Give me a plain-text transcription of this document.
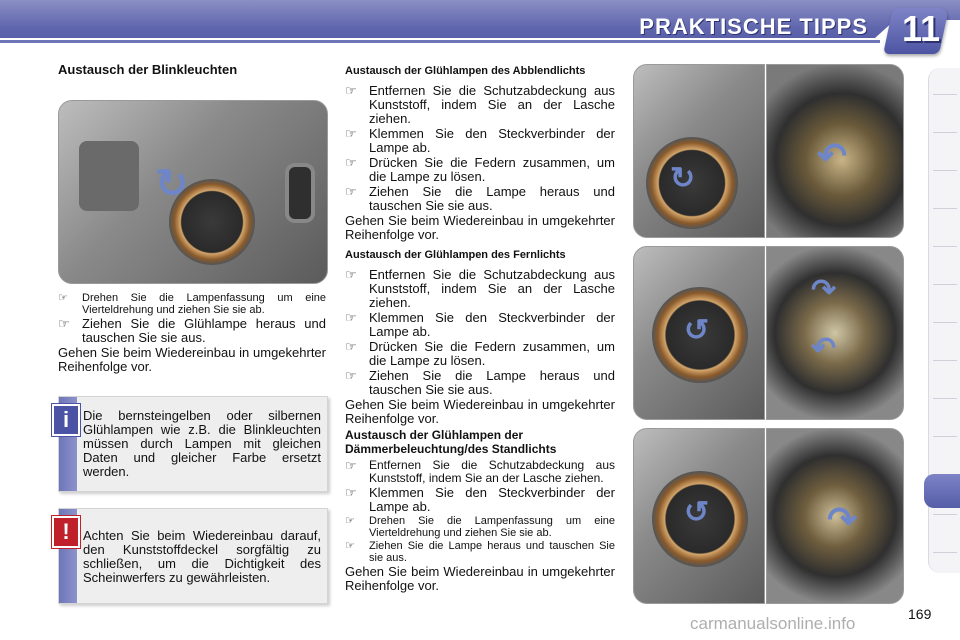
PRAKTISCHE TIPPS 11
Austausch der Blinkleuchten
↻
☞	Drehen Sie die Lampenfassung um eine Vierteldrehung und ziehen Sie sie ab.
☞ Ziehen Sie die Glühlampe heraus und tauschen Sie sie aus.
Gehen Sie beim Wiedereinbau in umgekehrter Reihenfolge vor.
Die bernsteingelben oder silbernen Glühlampen wie z.B. die Blinkleuchten müssen durch Lampen mit gleichen Daten und gleicher Farbe ersetzt werden.
i
Achten Sie beim Wiedereinbau darauf, den Kunststoffdeckel sorgfältig zu schließen, um die Dichtigkeit des Scheinwerfers zu gewährleisten.
!
Austausch der Glühlampen des Abblendlichts
☞ Entfernen Sie die Schutzabdeckung aus Kunststoff, indem Sie an der Lasche ziehen.
☞ Klemmen Sie den Steckverbinder der Lampe ab.
☞ Drücken Sie die Federn zusammen, um die Lampe zu lösen.
☞ Ziehen Sie die Lampe heraus und tauschen Sie sie aus.
Gehen Sie beim Wiedereinbau in umgekehrter Reihenfolge vor.
Austausch der Glühlampen des Fernlichts
☞ Entfernen Sie die Schutzabdeckung aus Kunststoff, indem Sie an der Lasche ziehen.
☞ Klemmen Sie den Steckverbinder der Lampe ab.
☞ Drücken Sie die Federn zusammen, um die Lampe zu lösen.
☞ Ziehen Sie die Lampe heraus und tauschen Sie sie aus.
Gehen Sie beim Wiedereinbau in umgekehrter Reihenfolge vor.
Austausch der Glühlampen der Dämmerbeleuchtung/des Standlichts
☞	Entfernen Sie die Schutzabdeckung aus Kunststoff, indem Sie an der Lasche ziehen.
☞ Klemmen Sie den Steckverbinder der Lampe ab.
☞	Drehen Sie die Lampenfassung um eine Vierteldrehung und ziehen Sie sie ab.
☞	Ziehen Sie die Lampe heraus und tauschen Sie sie aus.
Gehen Sie beim Wiedereinbau in umgekehrter Reihenfolge vor.
↻
↶
↺
↷
↶
↺	↷
169
carmanualsonline.info
